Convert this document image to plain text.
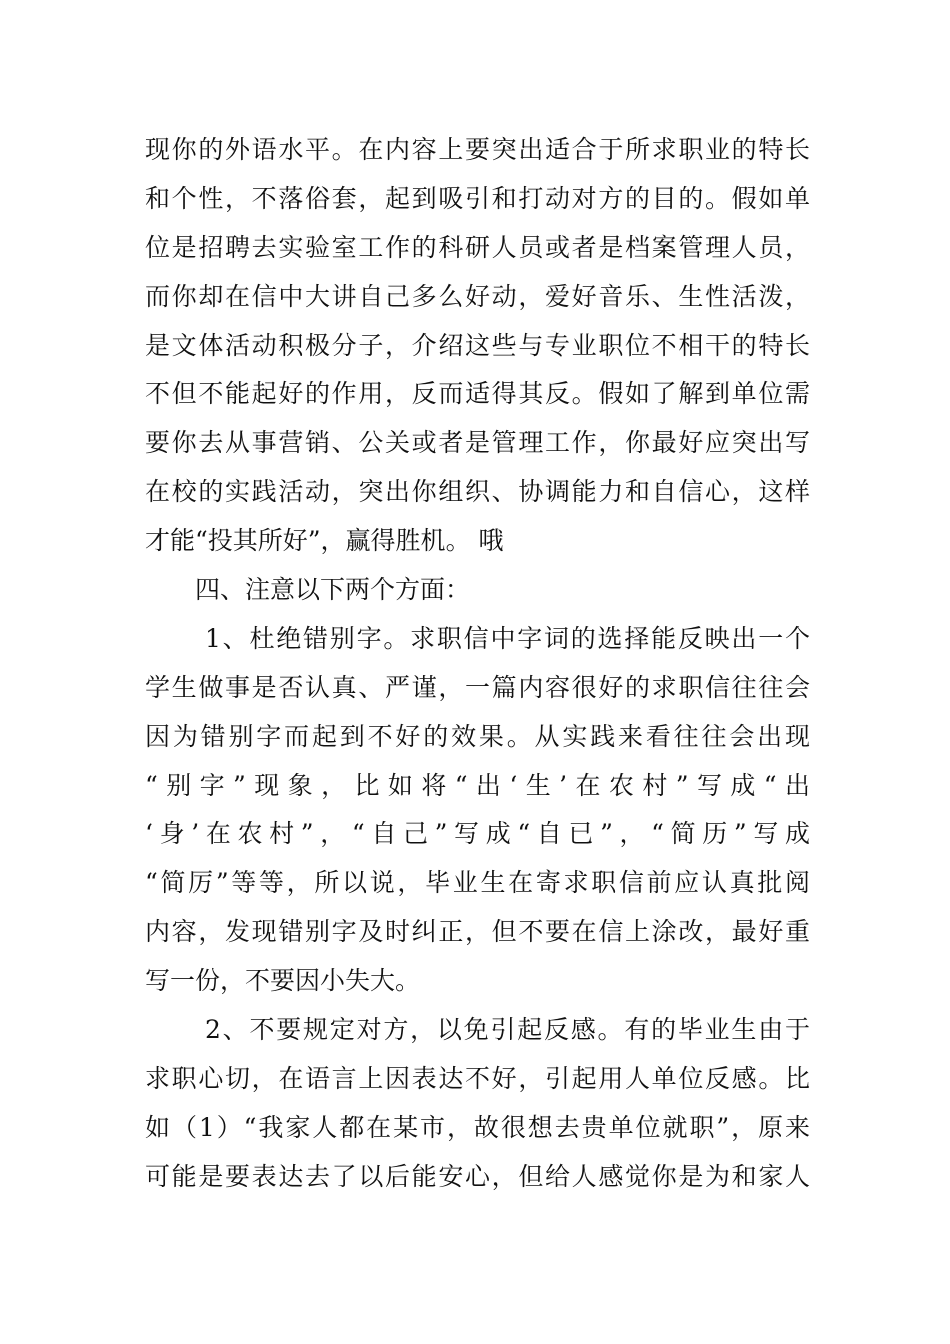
现你的外语水平。在内容上要突出适合于所求职业的特长
和个性，不落俗套，起到吸引和打动对方的目的。假如单
位是招聘去实验室工作的科研人员或者是档案管理人员，
而你却在信中大讲自己多么好动，爱好音乐、生性活泼，
是文体活动积极分子，介绍这些与专业职位不相干的特长
不但不能起好的作用，反而适得其反。假如了解到单位需
要你去从事营销、公关或者是管理工作，你最好应突出写
在校的实践活动，突出你组织、协调能力和自信心，这样
才能“投其所好”，赢得胜机。 哦
四、注意以下两个方面：
1、杜绝错别字。求职信中字词的选择能反映出一个
学生做事是否认真、严谨，一篇内容很好的求职信往往会
因为错别字而起到不好的效果。从实践来看往往会出现
“别字”现象，比如将“出‘生’在农村”写成“出
‘身’在农村”，“自己”写成“自已”，“简历”写成
“简厉”等等，所以说，毕业生在寄求职信前应认真批阅
内容，发现错别字及时纠正，但不要在信上涂改，最好重
写一份，不要因小失大。
2、不要规定对方，以免引起反感。有的毕业生由于
求职心切，在语言上因表达不好，引起用人单位反感。比
如（1）“我家人都在某市，故很想去贵单位就职”，原来
可能是要表达去了以后能安心，但给人感觉你是为和家人
